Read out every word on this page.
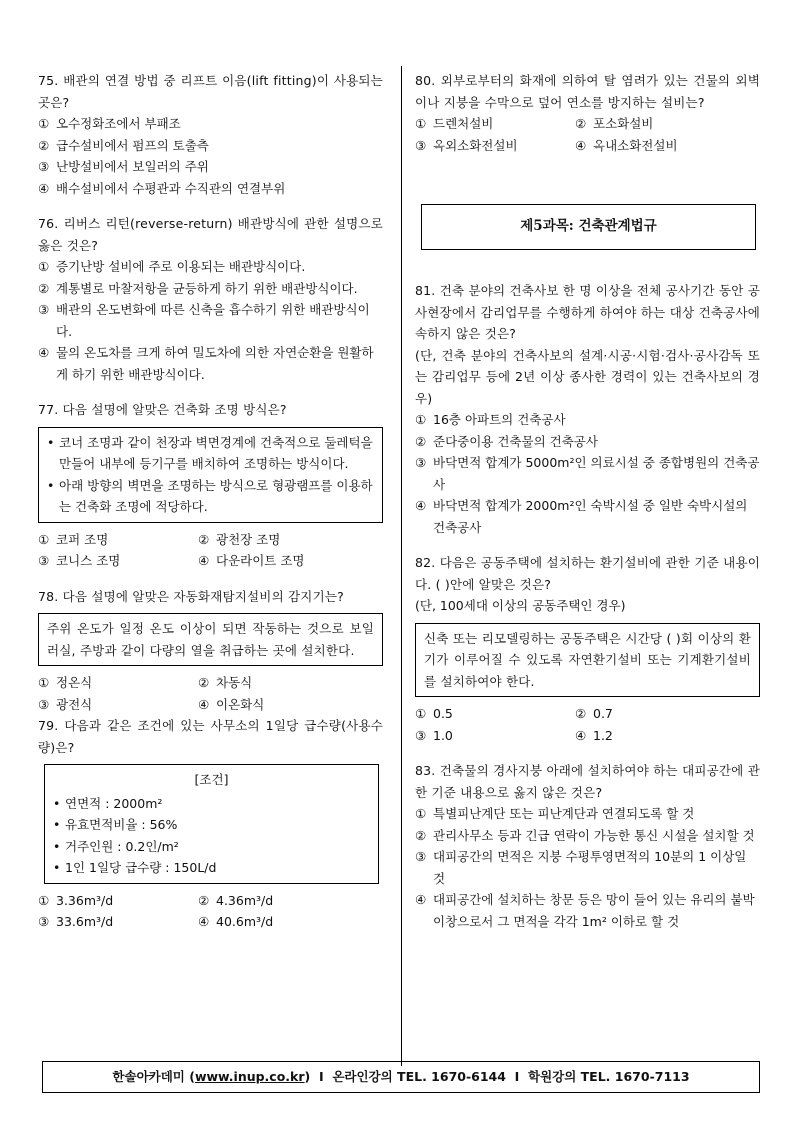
75. 배관의 연결 방법 중 리프트 이음(lift fitting)이 사용되는 곳은?

① 오수정화조에서 부패조
② 급수설비에서 펌프의 토출측
③ 난방설비에서 보일러의 주위
④ 배수설비에서 수평관과 수직관의 연결부위

76. 리버스 리턴(reverse-return) 배관방식에 관한 설명으로 옳은 것은?

① 증기난방 설비에 주로 이용되는 배관방식이다.
② 계통별로 마찰저항을 균등하게 하기 위한 배관방식이다.
③ 배관의 온도변화에 따른 신축을 흡수하기 위한 배관방식이다.
④ 물의 온도차를 크게 하여 밀도차에 의한 자연순환을 원활하게 하기 위한 배관방식이다.

77. 다음 설명에 알맞은 건축화 조명 방식은?

• 코너 조명과 같이 천장과 벽면경계에 건축적으로 둘레턱을 만들어 내부에 등기구를 배치하여 조명하는 방식이다.
• 아래 방향의 벽면을 조명하는 방식으로 형광램프를 이용하는 건축화 조명에 적당하다.
① 코퍼 조명	② 광천장 조명
③ 코니스 조명	④ 다운라이트 조명

78. 다음 설명에 알맞은 자동화재탐지설비의 감지기는?

주위 온도가 일정 온도 이상이 되면 작동하는 것으로 보일러실, 주방과 같이 다량의 열을 취급하는 곳에 설치한다.

① 정온식	② 차동식
③ 광전식	④ 이온화식

79. 다음과 같은 조건에 있는 사무소의 1일당 급수량(사용수량)은?

[조건]

• 연면적 : 2000m²
• 유효면적비율 : 56%
• 거주인원 : 0.2인/m²
• 1인 1일당 급수량 : 150L/d
① 3.36m³/d	② 4.36m³/d
③ 33.6m³/d	④ 40.6m³/d

80. 외부로부터의 화재에 의하여 탈 염려가 있는 건물의 외벽이나 지붕을 수막으로 덮어 연소를 방지하는 설비는?

① 드렌처설비	② 포소화설비
③ 옥외소화전설비	④ 옥내소화전설비
제5과목: 건축관계법규

81. 건축 분야의 건축사보 한 명 이상을 전체 공사기간 동안 공사현장에서 감리업무를 수행하게 하여야 하는 대상 건축공사에 속하지 않은 것은?

(단, 건축 분야의 건축사보의 설계·시공·시험·검사·공사감독 또는 감리업무 등에 2년 이상 종사한 경력이 있는 건축사보의 경우)

① 16층 아파트의 건축공사
② 준다중이용 건축물의 건축공사
③ 바닥면적 합계가 5000m²인 의료시설 중 종합병원의 건축공사
④ 바닥면적 합계가 2000m²인 숙박시설 중 일반 숙박시설의 건축공사

82. 다음은 공동주택에 설치하는 환기설비에 관한 기준 내용이다. ( )안에 알맞은 것은?

(단, 100세대 이상의 공동주택인 경우)

신축 또는 리모델링하는 공동주택은 시간당 ( )회 이상의 환기가 이루어질 수 있도록 자연환기설비 또는 기계환기설비를 설치하여야 한다.

① 0.5	② 0.7
③ 1.0	④ 1.2

83. 건축물의 경사지붕 아래에 설치하여야 하는 대피공간에 관한 기준 내용으로 옳지 않은 것은?

① 특별피난계단 또는 피난계단과 연결되도록 할 것
② 관리사무소 등과 긴급 연락이 가능한 통신 시설을 설치할 것
③ 대피공간의 면적은 지붕 수평투영면적의 10분의 1 이상일 것
④ 대피공간에 설치하는 창문 등은 망이 들어 있는 유리의 붙박이창으로서 그 면적을 각각 1m² 이하로 할 것
한솔아카데미 ( www.inup.co.kr )  I  온라인강의 TEL. 1670-6144  I  학원강의 TEL. 1670-7113
